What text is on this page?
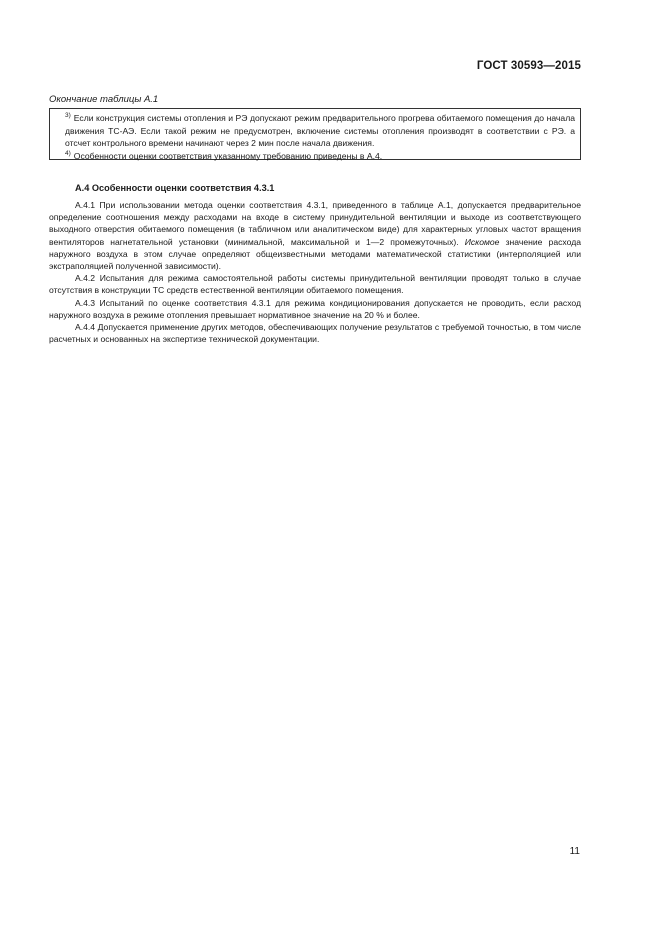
ГОСТ 30593—2015
Окончание таблицы А.1

$^{3)}$ Если конструкция системы отопления и РЭ допускают режим предварительного прогрева обитаемого помещения до начала движения ТС-АЭ. Если такой режим не предусмотрен, включение системы отопления производят в соответствии с РЭ. а отсчет контрольного времени начинают через 2 мин после начала движения.

$^{4)}$ Особенности оценки соответствия указанному требованию приведены в А.4.

А.4 Особенности оценки соответствия 4.3.1

А.4.1 При использовании метода оценки соответствия 4.3.1, приведенного в таблице А.1, допускается предварительное определение соотношения между расходами на входе в систему принудительной вентиляции и выходе из соответствующего выходного отверстия обитаемого помещения (в табличном или аналитическом виде) для характерных угловых частот вращения вентиляторов нагнетательной установки (минимальной, максимальной и 1—2 промежуточных). Искомое значение расхода наружного воздуха в этом случае определяют общеизвестными методами математической статистики (интерполяцией или экстраполяцией полученной зависимости).

А.4.2 Испытания для режима самостоятельной работы системы принудительной вентиляции проводят только в случае отсутствия в конструкции ТС средств естественной вентиляции обитаемого помещения.

А.4.3 Испытаний по оценке соответствия 4.3.1 для режима кондиционирования допускается не проводить, если расход наружного воздуха в режиме отопления превышает нормативное значение на 20 % и более.

А.4.4 Допускается применение других методов, обеспечивающих получение результатов с требуемой точностью, в том числе расчетных и основанных на экспертизе технической документации.

11
